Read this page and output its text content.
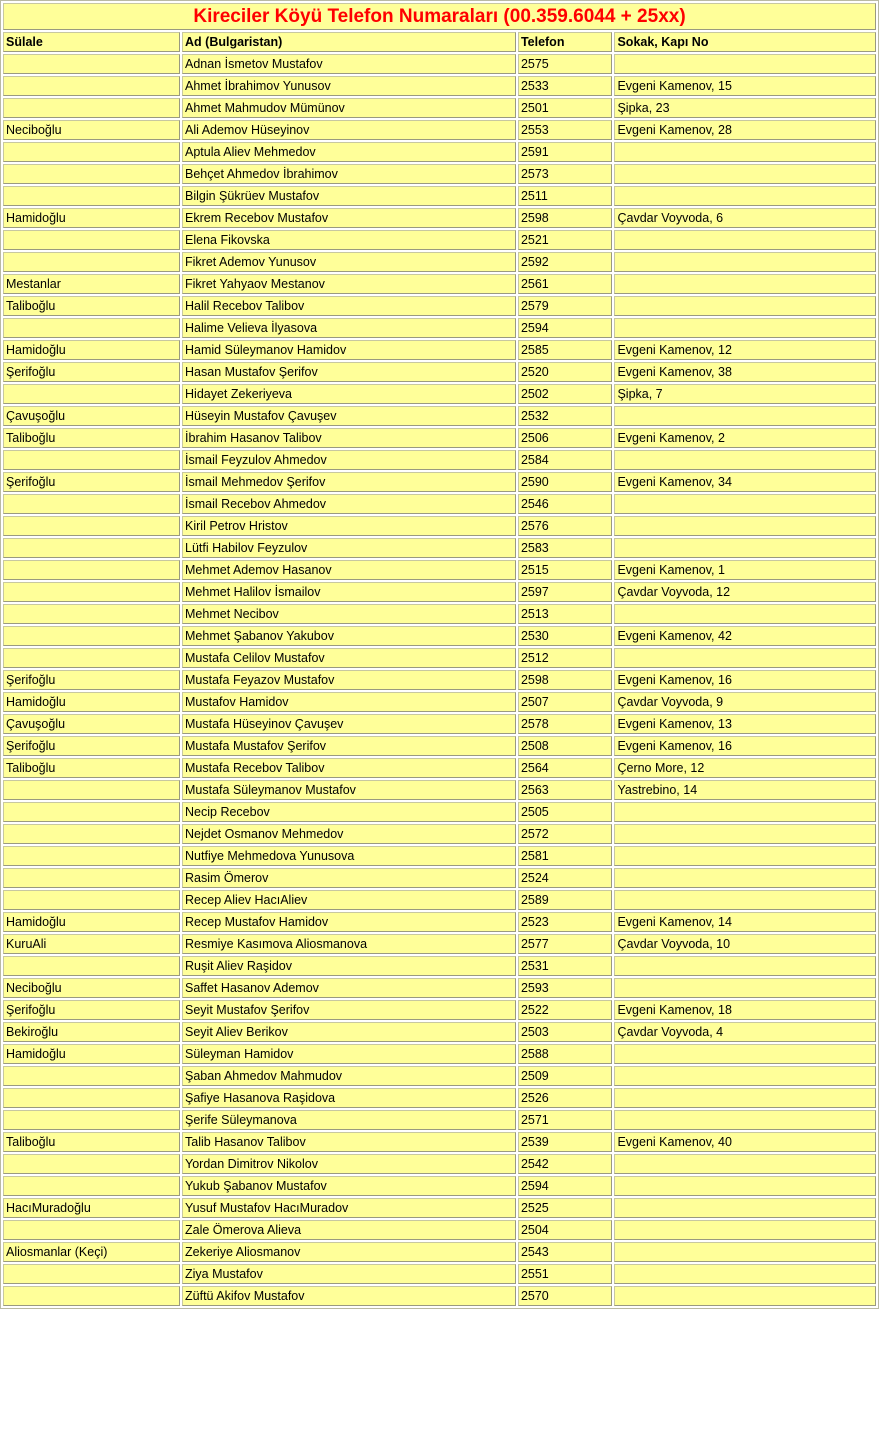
Kireciler Köyü Telefon Numaraları (00.359.6044 + 25xx)			
Sülale	Ad (Bulgaristan)	Telefon	Sokak, Kapı No
	Adnan İsmetov Mustafov	2575	
	Ahmet İbrahimov Yunusov	2533	Evgeni Kamenov, 15
	Ahmet Mahmudov Mümünov	2501	Şipka, 23
Neciboğlu	Ali Ademov Hüseyinov	2553	Evgeni Kamenov, 28
	Aptula Aliev Mehmedov	2591	
	Behçet Ahmedov İbrahimov	2573	
	Bilgin Şükrüev Mustafov	2511	
Hamidoğlu	Ekrem Recebov Mustafov	2598	Çavdar Voyvoda, 6
	Elena Fikovska	2521	
	Fikret Ademov Yunusov	2592	
Mestanlar	Fikret Yahyaov Mestanov	2561	
Taliboğlu	Halil Recebov Talibov	2579	
	Halime Velieva İlyasova	2594	
Hamidoğlu	Hamid Süleymanov Hamidov	2585	Evgeni Kamenov, 12
Şerifoğlu	Hasan Mustafov Şerifov	2520	Evgeni Kamenov, 38
	Hidayet Zekeriyeva	2502	Şipka, 7
Çavuşoğlu	Hüseyin Mustafov Çavuşev	2532	
Taliboğlu	İbrahim Hasanov Talibov	2506	Evgeni Kamenov, 2
	İsmail Feyzulov Ahmedov	2584	
Şerifoğlu	İsmail Mehmedov Şerifov	2590	Evgeni Kamenov, 34
	İsmail Recebov Ahmedov	2546	
	Kiril Petrov Hristov	2576	
	Lütfi Habilov Feyzulov	2583	
	Mehmet Ademov Hasanov	2515	Evgeni Kamenov, 1
	Mehmet Halilov İsmailov	2597	Çavdar Voyvoda, 12
	Mehmet Necibov	2513	
	Mehmet Şabanov Yakubov	2530	Evgeni Kamenov, 42
	Mustafa Celilov Mustafov	2512	
Şerifoğlu	Mustafa Feyazov Mustafov	2598	Evgeni Kamenov, 16
Hamidoğlu	Mustafov Hamidov	2507	Çavdar Voyvoda, 9
Çavuşoğlu	Mustafa Hüseyinov Çavuşev	2578	Evgeni Kamenov, 13
Şerifoğlu	Mustafa Mustafov Şerifov	2508	Evgeni Kamenov, 16
Taliboğlu	Mustafa Recebov Talibov	2564	Çerno More, 12
	Mustafa Süleymanov Mustafov	2563	Yastrebino, 14
	Necip Recebov	2505	
	Nejdet Osmanov Mehmedov	2572	
	Nutfiye Mehmedova Yunusova	2581	
	Rasim Ömerov	2524	
	Recep Aliev HacıAliev	2589	
Hamidoğlu	Recep Mustafov Hamidov	2523	Evgeni Kamenov, 14
KuruAli	Resmiye Kasımova Aliosmanova	2577	Çavdar Voyvoda, 10
	Ruşit Aliev Raşidov	2531	
Neciboğlu	Saffet Hasanov Ademov	2593	
Şerifoğlu	Seyit Mustafov Şerifov	2522	Evgeni Kamenov, 18
Bekiroğlu	Seyit Aliev Berikov	2503	Çavdar Voyvoda, 4
Hamidoğlu	Süleyman Hamidov	2588	
	Şaban Ahmedov Mahmudov	2509	
	Şafiye Hasanova Raşidova	2526	
	Şerife Süleymanova	2571	
Taliboğlu	Talib Hasanov Talibov	2539	Evgeni Kamenov, 40
	Yordan Dimitrov Nikolov	2542	
	Yukub Şabanov Mustafov	2594	
HacıMuradoğlu	Yusuf Mustafov HacıMuradov	2525	
	Zale Ömerova Alieva	2504	
Aliosmanlar (Keçi)	Zekeriye Aliosmanov	2543	
	Ziya Mustafov	2551	
	Züftü Akifov Mustafov	2570	
